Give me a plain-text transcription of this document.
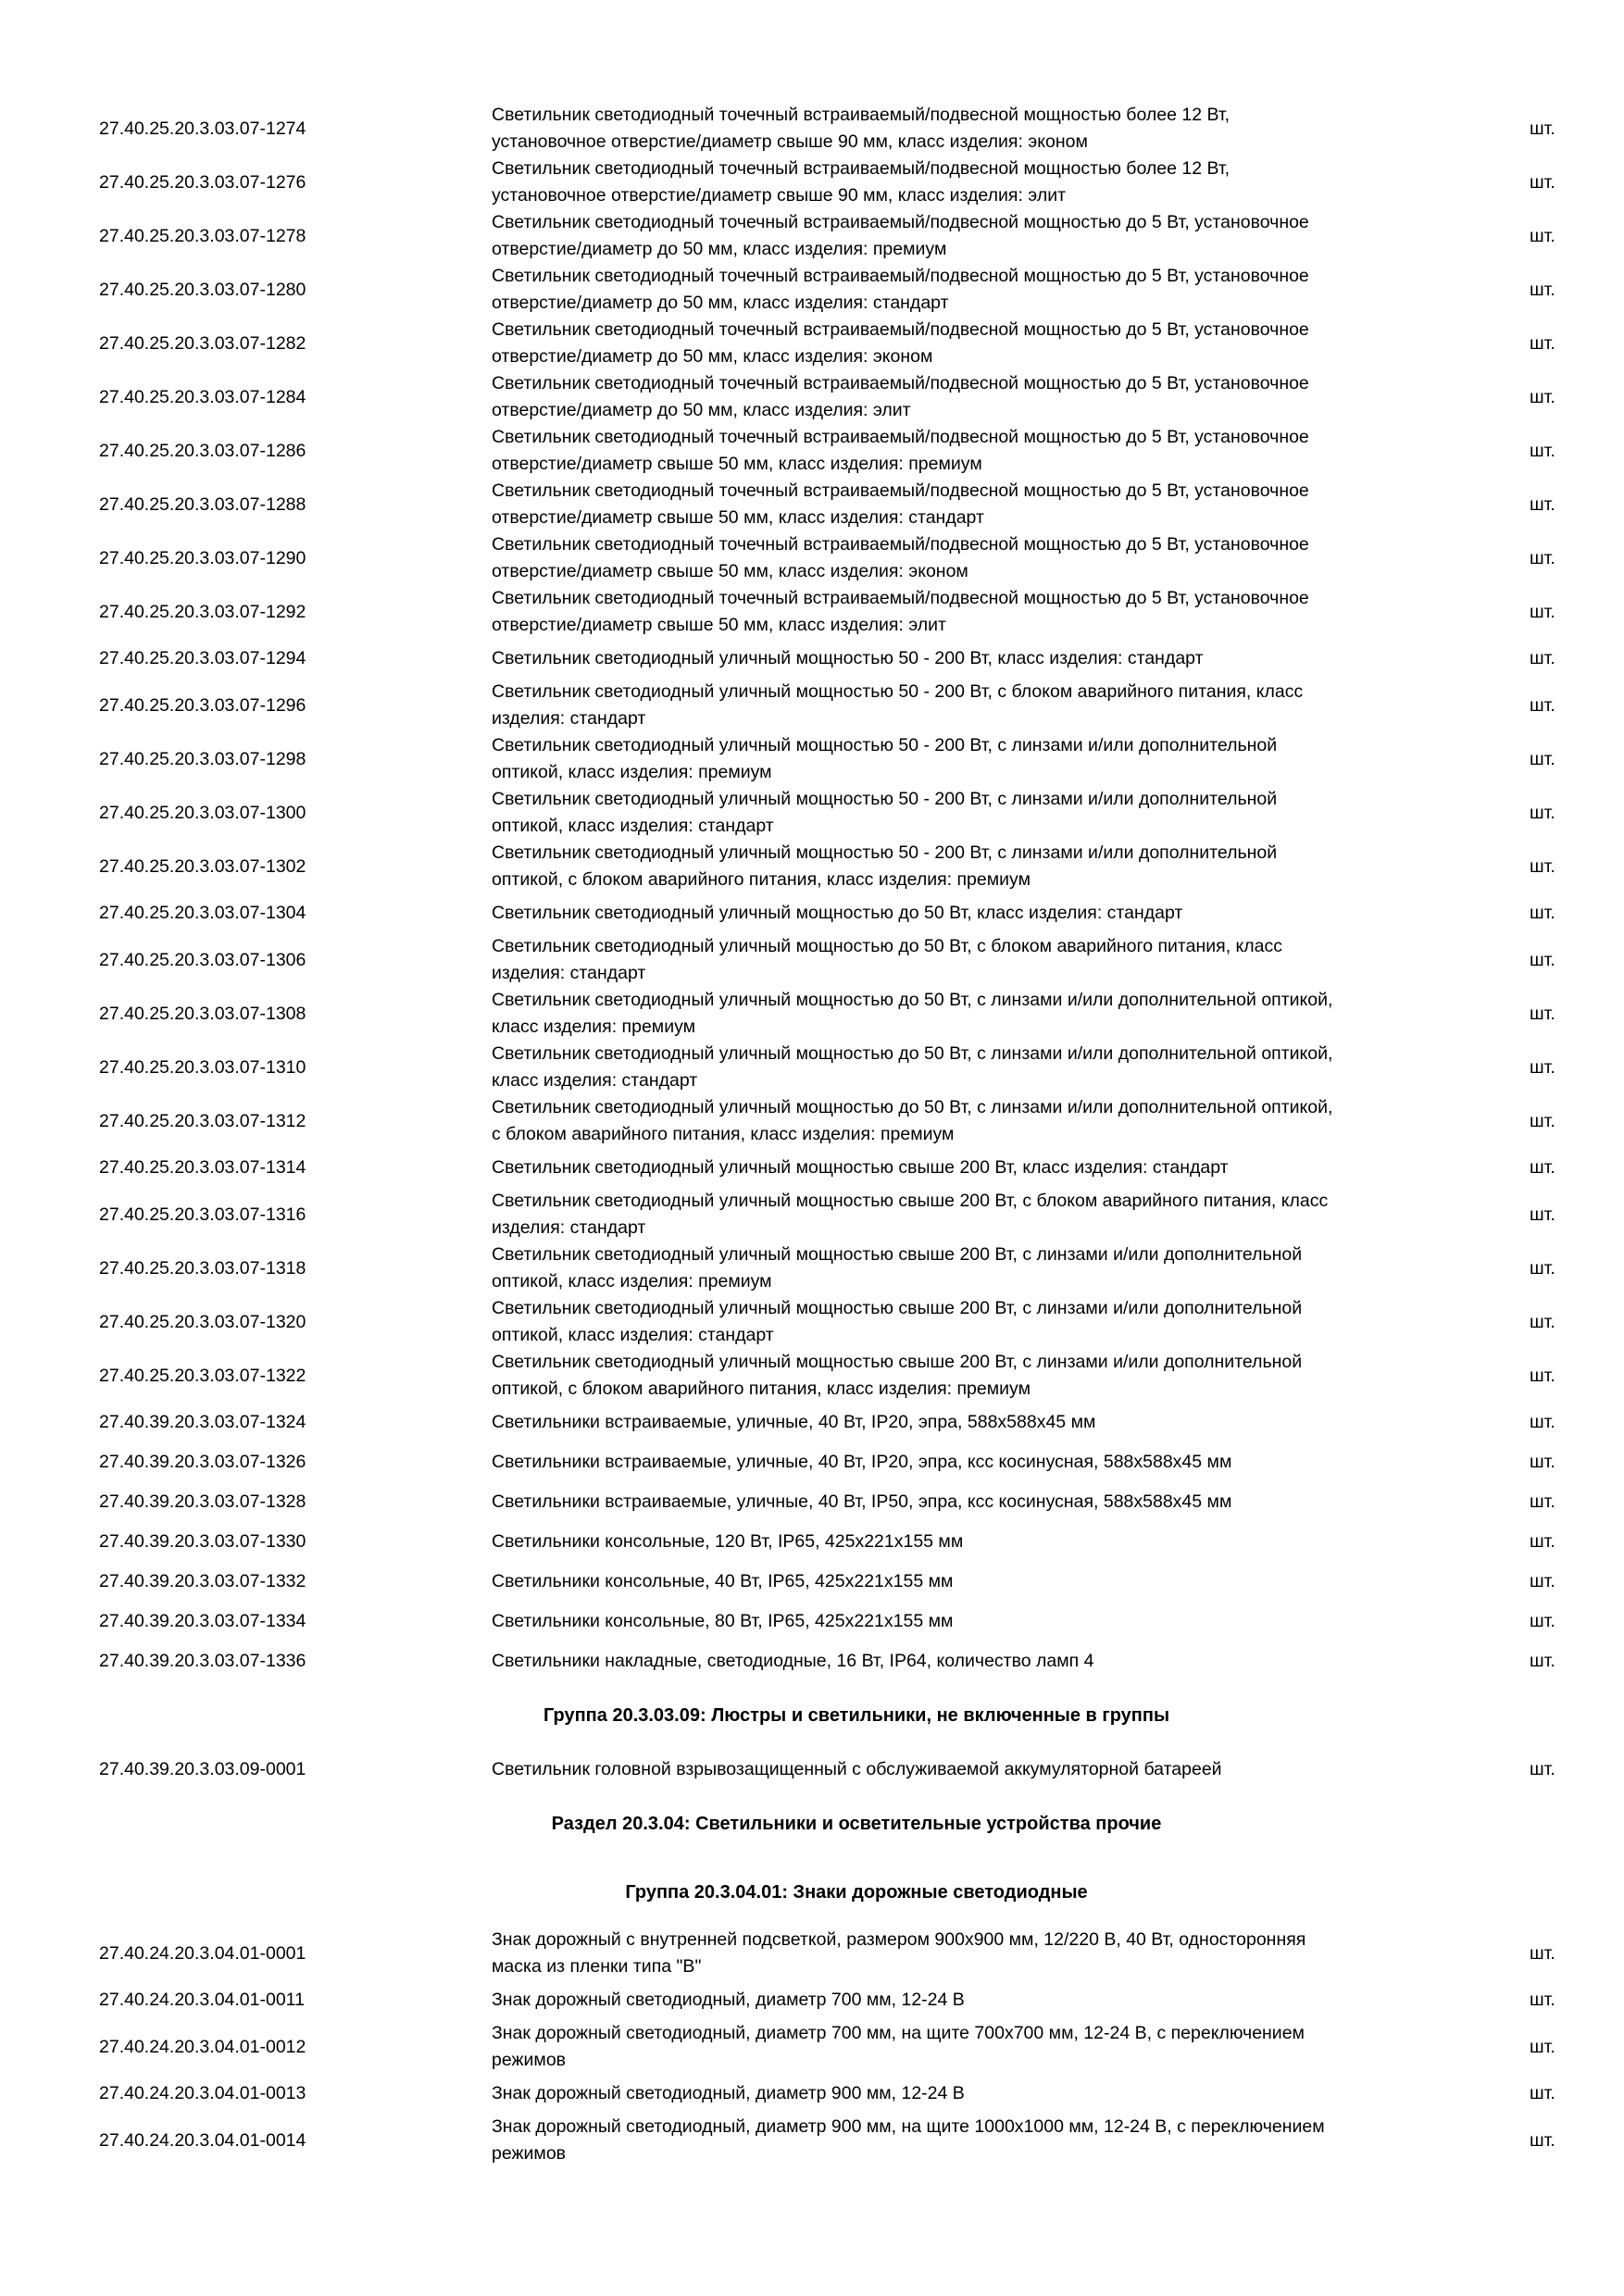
27.40.25.20.3.03.07-1274
Светильник светодиодный точечный встраиваемый/подвесной мощностью более 12 Вт,
установочное отверстие/диаметр свыше 90 мм, класс изделия: эконом
шт.
27.40.25.20.3.03.07-1276
Светильник светодиодный точечный встраиваемый/подвесной мощностью более 12 Вт,
установочное отверстие/диаметр свыше 90 мм, класс изделия: элит
шт.
27.40.25.20.3.03.07-1278
Светильник светодиодный точечный встраиваемый/подвесной мощностью до 5 Вт, установочное
отверстие/диаметр до 50 мм, класс изделия: премиум
шт.
27.40.25.20.3.03.07-1280
Светильник светодиодный точечный встраиваемый/подвесной мощностью до 5 Вт, установочное
отверстие/диаметр до 50 мм, класс изделия: стандарт
шт.
27.40.25.20.3.03.07-1282
Светильник светодиодный точечный встраиваемый/подвесной мощностью до 5 Вт, установочное
отверстие/диаметр до 50 мм, класс изделия: эконом
шт.
27.40.25.20.3.03.07-1284
Светильник светодиодный точечный встраиваемый/подвесной мощностью до 5 Вт, установочное
отверстие/диаметр до 50 мм, класс изделия: элит
шт.
27.40.25.20.3.03.07-1286
Светильник светодиодный точечный встраиваемый/подвесной мощностью до 5 Вт, установочное
отверстие/диаметр свыше 50 мм, класс изделия: премиум
шт.
27.40.25.20.3.03.07-1288
Светильник светодиодный точечный встраиваемый/подвесной мощностью до 5 Вт, установочное
отверстие/диаметр свыше 50 мм, класс изделия: стандарт
шт.
27.40.25.20.3.03.07-1290
Светильник светодиодный точечный встраиваемый/подвесной мощностью до 5 Вт, установочное
отверстие/диаметр свыше 50 мм, класс изделия: эконом
шт.
27.40.25.20.3.03.07-1292
Светильник светодиодный точечный встраиваемый/подвесной мощностью до 5 Вт, установочное
отверстие/диаметр свыше 50 мм, класс изделия: элит
шт.
27.40.25.20.3.03.07-1294	Светильник светодиодный уличный мощностью 50 - 200 Вт, класс изделия: стандарт	шт.
27.40.25.20.3.03.07-1296
Светильник светодиодный уличный мощностью 50 - 200 Вт, с блоком аварийного питания, класс
изделия: стандарт
шт.
27.40.25.20.3.03.07-1298
Светильник светодиодный уличный мощностью 50 - 200 Вт, с линзами и/или дополнительной
оптикой, класс изделия: премиум
шт.
27.40.25.20.3.03.07-1300
Светильник светодиодный уличный мощностью 50 - 200 Вт, с линзами и/или дополнительной
оптикой, класс изделия: стандарт
шт.
27.40.25.20.3.03.07-1302
Светильник светодиодный уличный мощностью 50 - 200 Вт, с линзами и/или дополнительной
оптикой, с блоком аварийного питания, класс изделия: премиум
шт.
27.40.25.20.3.03.07-1304	Светильник светодиодный уличный мощностью до 50 Вт, класс изделия: стандарт	шт.
27.40.25.20.3.03.07-1306
Светильник светодиодный уличный мощностью до 50 Вт, с блоком аварийного питания, класс
изделия: стандарт
шт.
27.40.25.20.3.03.07-1308
Светильник светодиодный уличный мощностью до 50 Вт, с линзами и/или дополнительной оптикой,
класс изделия: премиум
шт.
27.40.25.20.3.03.07-1310
Светильник светодиодный уличный мощностью до 50 Вт, с линзами и/или дополнительной оптикой,
класс изделия: стандарт
шт.
27.40.25.20.3.03.07-1312
Светильник светодиодный уличный мощностью до 50 Вт, с линзами и/или дополнительной оптикой,
с блоком аварийного питания, класс изделия: премиум
шт.
27.40.25.20.3.03.07-1314	Светильник светодиодный уличный мощностью свыше 200 Вт, класс изделия: стандарт	шт.
27.40.25.20.3.03.07-1316
Светильник светодиодный уличный мощностью свыше 200 Вт, с блоком аварийного питания, класс
изделия: стандарт
шт.
27.40.25.20.3.03.07-1318
Светильник светодиодный уличный мощностью свыше 200 Вт, с линзами и/или дополнительной
оптикой, класс изделия: премиум
шт.
27.40.25.20.3.03.07-1320
Светильник светодиодный уличный мощностью свыше 200 Вт, с линзами и/или дополнительной
оптикой, класс изделия: стандарт
шт.
27.40.25.20.3.03.07-1322
Светильник светодиодный уличный мощностью свыше 200 Вт, с линзами и/или дополнительной
оптикой, с блоком аварийного питания, класс изделия: премиум
шт.
27.40.39.20.3.03.07-1324	Светильники встраиваемые, уличные, 40 Вт, IP20, эпра, 588x588x45 мм	шт.
27.40.39.20.3.03.07-1326	Светильники встраиваемые, уличные, 40 Вт, IP20, эпра, ксс косинусная, 588x588x45 мм	шт.
27.40.39.20.3.03.07-1328	Светильники встраиваемые, уличные, 40 Вт, IP50, эпра, ксс косинусная, 588x588x45 мм	шт.
27.40.39.20.3.03.07-1330	Светильники консольные, 120 Вт, IP65, 425x221x155 мм	шт.
27.40.39.20.3.03.07-1332	Светильники консольные, 40 Вт, IP65, 425x221x155 мм	шт.
27.40.39.20.3.03.07-1334	Светильники консольные, 80 Вт, IP65, 425x221x155 мм	шт.
27.40.39.20.3.03.07-1336	Светильники накладные, светодиодные, 16 Вт, IP64, количество ламп 4	шт.
Группа 20.3.03.09: Люстры и светильники, не включенные в группы
27.40.39.20.3.03.09-0001	Светильник головной взрывозащищенный с обслуживаемой аккумуляторной батареей	шт.
Раздел 20.3.04: Светильники и осветительные устройства прочие
Группа 20.3.04.01: Знаки дорожные светодиодные
27.40.24.20.3.04.01-0001
Знак дорожный с внутренней подсветкой, размером 900x900 мм, 12/220 В, 40 Вт, односторонняя
маска из пленки типа "В"
шт.
27.40.24.20.3.04.01-0011	Знак дорожный светодиодный, диаметр 700 мм, 12-24 В	шт.
27.40.24.20.3.04.01-0012
Знак дорожный светодиодный, диаметр 700 мм, на щите 700x700 мм, 12-24 В, с переключением
режимов
шт.
27.40.24.20.3.04.01-0013	Знак дорожный светодиодный, диаметр 900 мм, 12-24 В	шт.
27.40.24.20.3.04.01-0014
Знак дорожный светодиодный, диаметр 900 мм, на щите 1000x1000 мм, 12-24 В, с переключением
режимов
шт.
